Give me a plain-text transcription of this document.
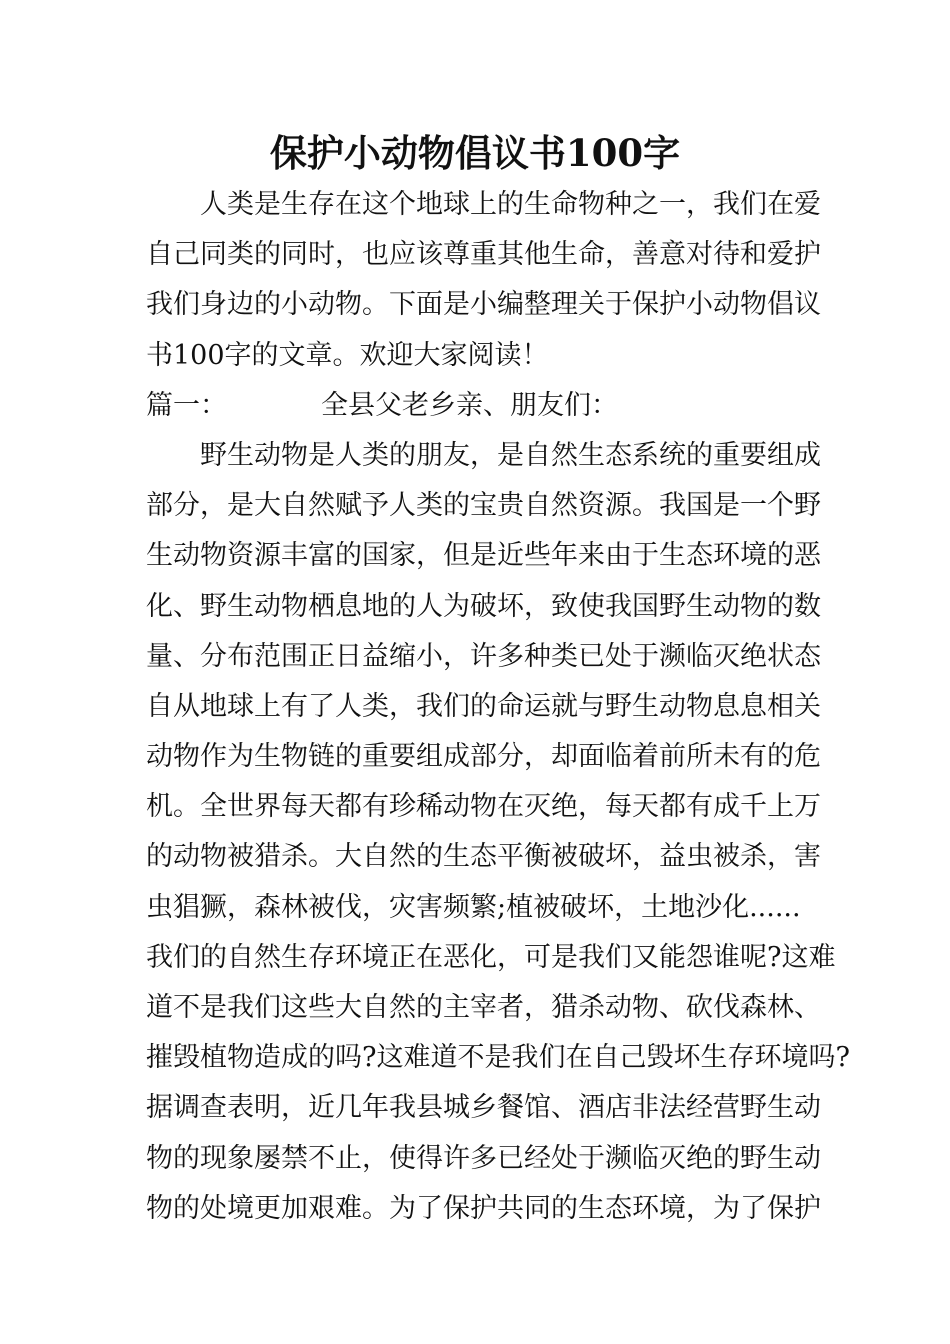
保护小动物倡议书100字
人类是生存在这个地球上的生命物种之一，我们在爱
自己同类的同时，也应该尊重其他生命，善意对待和爱护
我们身边的小动物。下面是小编整理关于保护小动物倡议
书100字的文章。欢迎大家阅读！
篇一：	全县父老乡亲、朋友们：
野生动物是人类的朋友，是自然生态系统的重要组成
部分，是大自然赋予人类的宝贵自然资源。我国是一个野
生动物资源丰富的国家，但是近些年来由于生态环境的恶
化、野生动物栖息地的人为破坏，致使我国野生动物的数
量、分布范围正日益缩小，许多种类已处于濒临灭绝状态
自从地球上有了人类，我们的命运就与野生动物息息相关
动物作为生物链的重要组成部分，却面临着前所未有的危
机。全世界每天都有珍稀动物在灭绝，每天都有成千上万
的动物被猎杀。大自然的生态平衡被破坏，益虫被杀，害
虫猖獗，森林被伐，灾害频繁;植被破坏，土地沙化......
我们的自然生存环境正在恶化，可是我们又能怨谁呢?这难
道不是我们这些大自然的主宰者，猎杀动物、砍伐森林、
摧毁植物造成的吗?这难道不是我们在自己毁坏生存环境吗?
据调查表明，近几年我县城乡餐馆、酒店非法经营野生动
物的现象屡禁不止，使得许多已经处于濒临灭绝的野生动
物的处境更加艰难。为了保护共同的生态环境，为了保护
